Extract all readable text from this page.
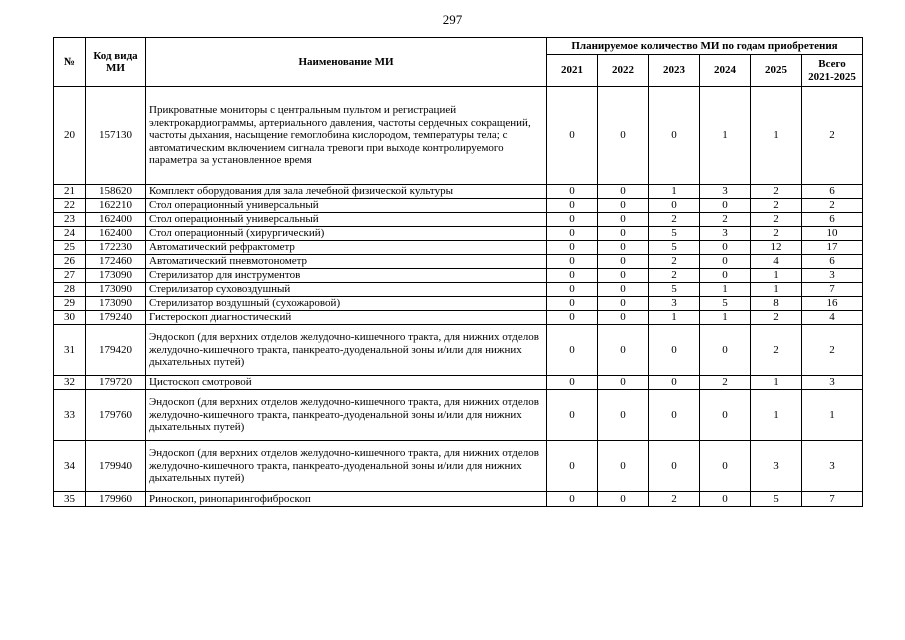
297
№	Код вида МИ	Наименование МИ	Планируемое количество МИ по годам приобретения					
			2021	2022	2023	2024	2025	Всего 2021-2025
20	157130	Прикроватные мониторы с центральным пультом и регистрацией электрокардиограммы, артериального давления, частоты сердечных сокращений, частоты дыхания, насыщение гемоглобина кислородом, температуры тела; с автоматическим включением сигнала тревоги при выходе контролируемого параметра за установленное время	0	0	0	1	1	2
21	158620	Комплект оборудования для зала лечебной физической культуры	0	0	1	3	2	6
22	162210	Стол операционный универсальный	0	0	0	0	2	2
23	162400	Стол операционный универсальный	0	0	2	2	2	6
24	162400	Стол операционный (хирургический)	0	0	5	3	2	10
25	172230	Автоматический рефрактометр	0	0	5	0	12	17
26	172460	Автоматический пневмотонометр	0	0	2	0	4	6
27	173090	Стерилизатор для инструментов	0	0	2	0	1	3
28	173090	Стерилизатор суховоздушный	0	0	5	1	1	7
29	173090	Стерилизатор воздушный (сухожаровой)	0	0	3	5	8	16
30	179240	Гистероскоп диагностический	0	0	1	1	2	4
31	179420	Эндоскоп (для верхних отделов желудочно-кишечного тракта, для нижних отделов желудочно-кишечного тракта, панкреато-дуоденальной зоны и/или для нижних дыхательных путей)	0	0	0	0	2	2
32	179720	Цистоскоп смотровой	0	0	0	2	1	3
33	179760	Эндоскоп (для верхних отделов желудочно-кишечного тракта, для нижних отделов желудочно-кишечного тракта, панкреато-дуоденальной зоны и/или для нижних дыхательных путей)	0	0	0	0	1	1
34	179940	Эндоскоп (для верхних отделов желудочно-кишечного тракта, для нижних отделов желудочно-кишечного тракта, панкреато-дуоденальной зоны и/или для нижних дыхательных путей)	0	0	0	0	3	3
35	179960	Риноскоп, ринопарингофиброскоп	0	0	2	0	5	7
